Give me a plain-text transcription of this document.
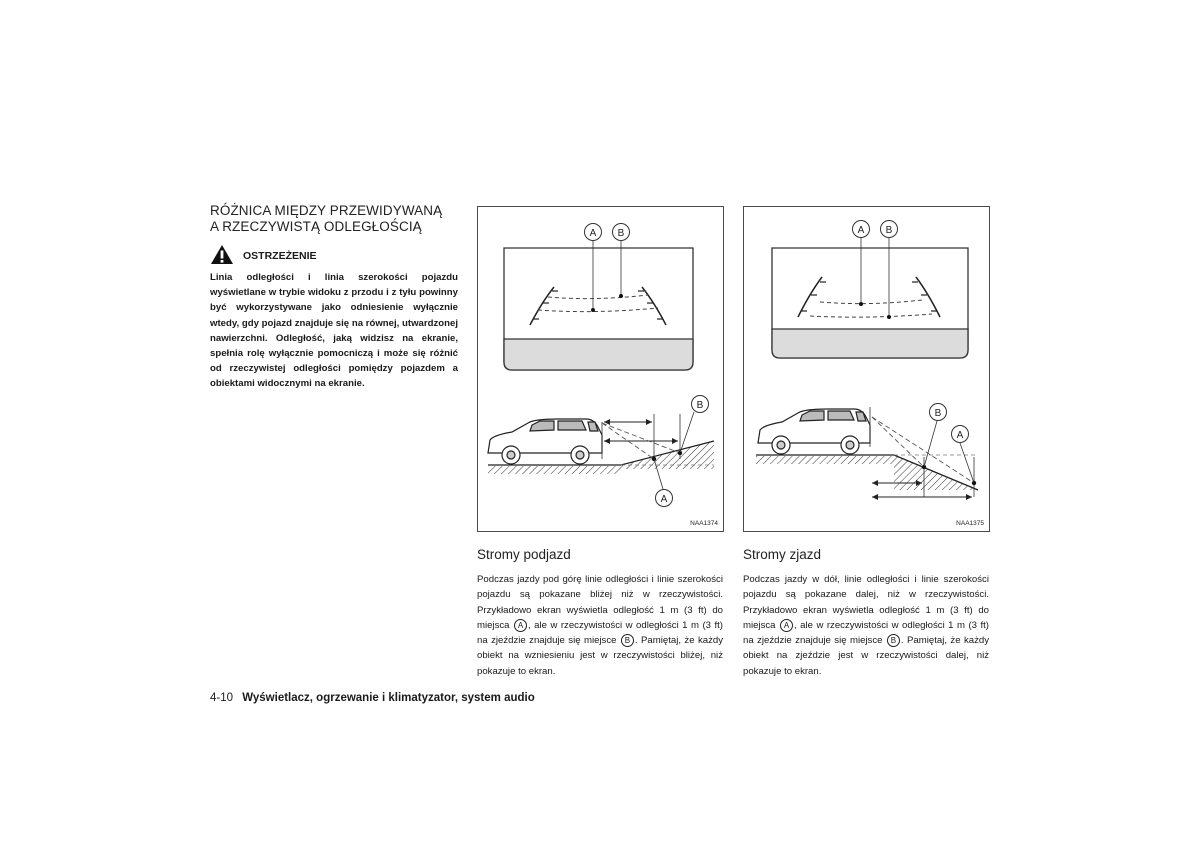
RÓŻNICA MIĘDZY PRZEWIDYWANĄ
A RZECZYWISTĄ ODLEGŁOŚCIĄ
OSTRZEŻENIE
Linia odległości i linia szerokości pojazdu wyświetlane w trybie widoku z przodu i z tyłu powinny być wykorzystywane jako odniesienie wyłącznie wtedy, gdy pojazd znajduje się na równej, utwardzonej nawierzchni. Odległość, jaką widzisz na ekranie, spełnia rolę wyłącznie pomocniczą i może się różnić od rzeczywistej odległości pomiędzy pojazdem a obiektami widocznymi na ekranie.
A B
B
A
NAA1374
A B
B
A
NAA1375
Stromy podjazd
Podczas jazdy pod górę linie odległości i linie szerokości pojazdu są pokazane bliżej niż w rzeczywistości. Przykładowo ekran wyświetla odległość 1 m (3 ft) do miejsca A , ale w rzeczywistości w odległości 1 m (3 ft) na zjeździe znajduje się miejsce B . Pamiętaj, że każdy obiekt na wzniesieniu jest w rzeczywistości bliżej, niż pokazuje to ekran.
Stromy zjazd
Podczas jazdy w dół, linie odległości i linie szerokości pojazdu są pokazane dalej, niż w rzeczywistości. Przykładowo ekran wyświetla odległość 1 m (3 ft) do miejsca A , ale w rzeczywistości w odległości 1 m (3 ft) na zjeździe znajduje się miejsce B . Pamiętaj, że każdy obiekt na zjeździe jest w rzeczywistości dalej, niż pokazuje to ekran.
4-10 Wyświetlacz, ogrzewanie i klimatyzator, system audio
